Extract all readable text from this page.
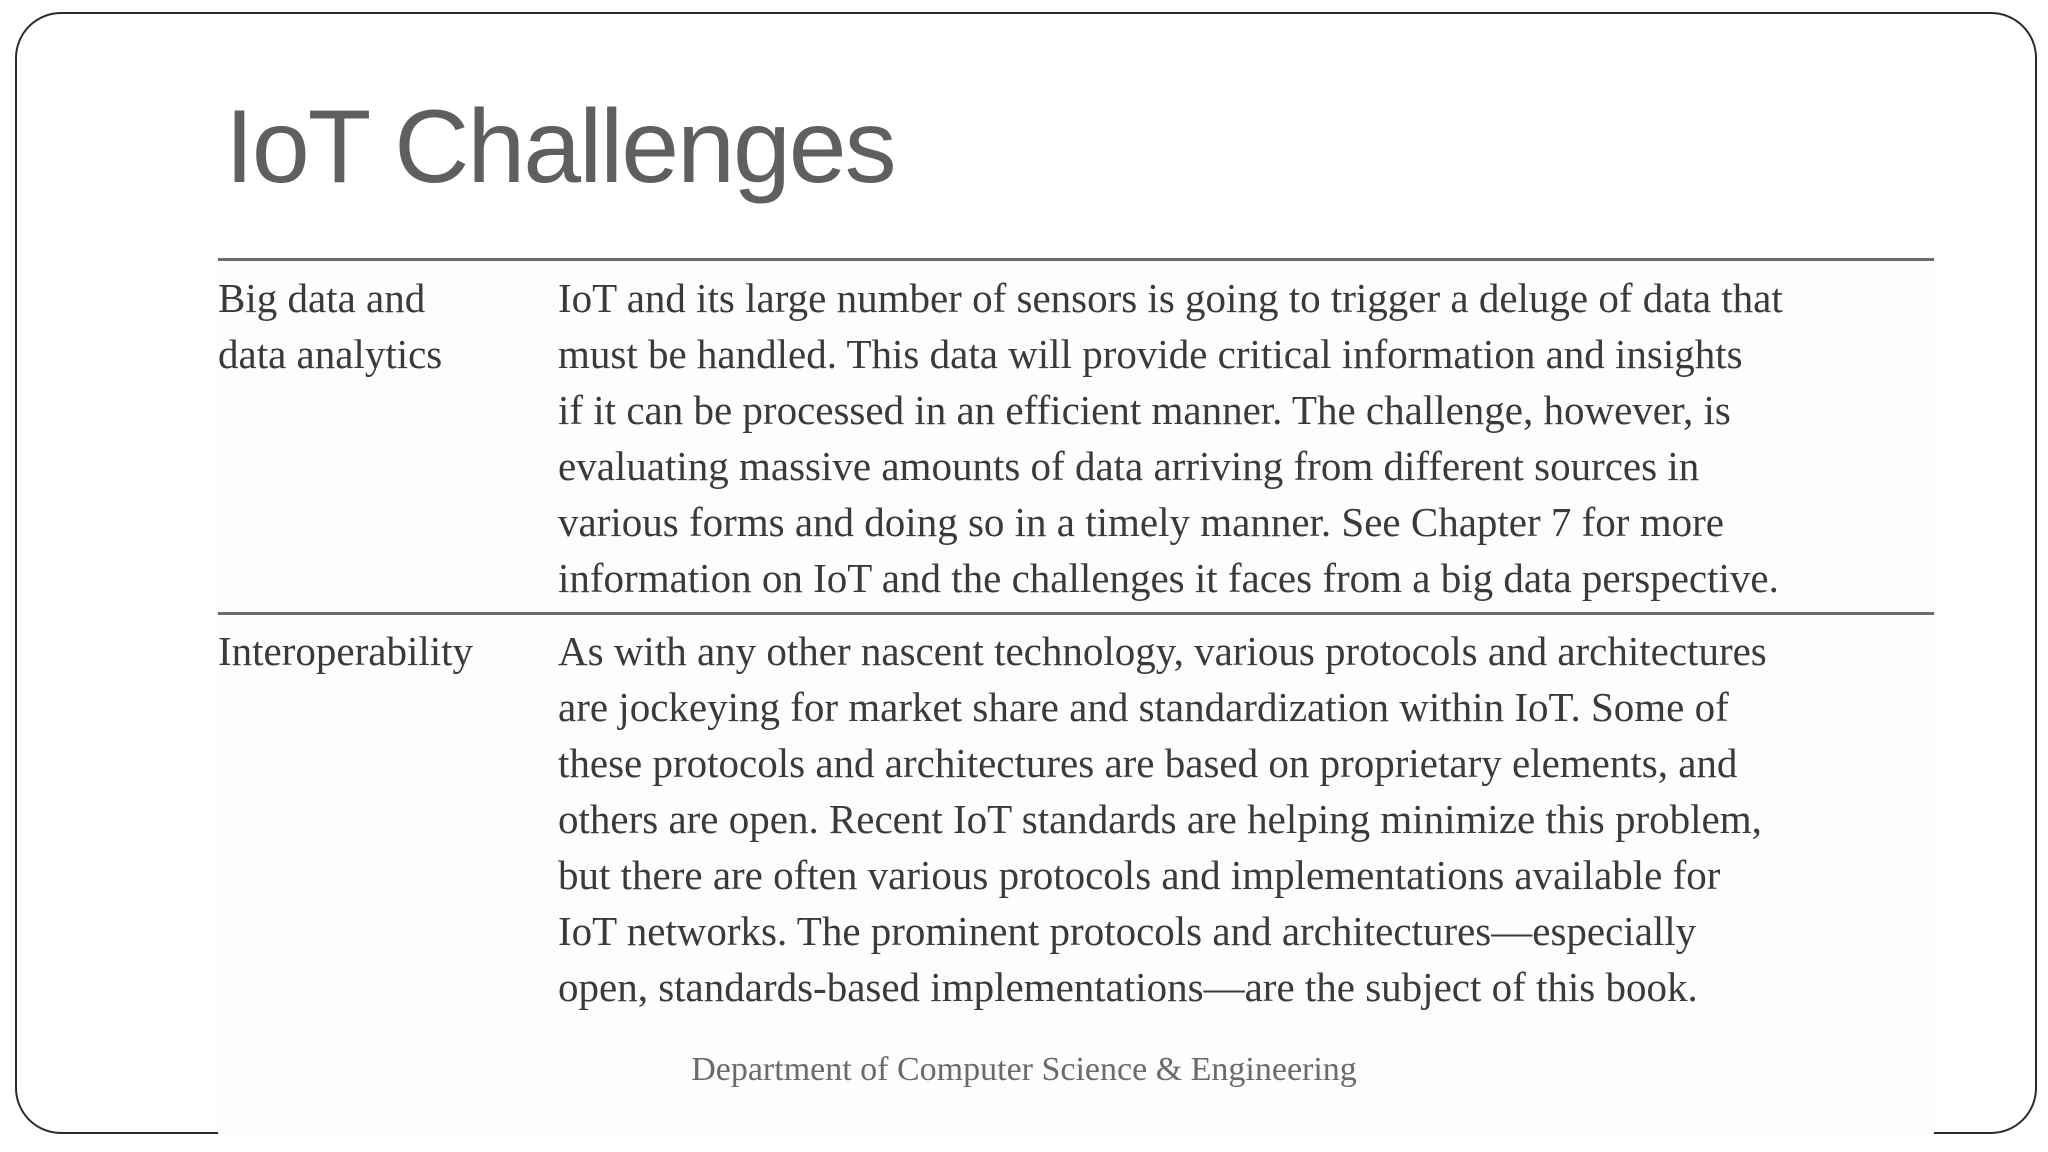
IoT Challenges

Big data and
data analytics

IoT and its large number of sensors is going to trigger a deluge of data that
must be handled. This data will provide critical information and insights
if it can be processed in an efficient manner. The challenge, however, is
evaluating massive amounts of data arriving from different sources in
various forms and doing so in a timely manner. See Chapter 7 for more
information on IoT and the challenges it faces from a big data perspective.

Interoperability	As with any other nascent technology, various protocols and architectures
are jockeying for market share and standardization within IoT. Some of
these protocols and architectures are based on proprietary elements, and
others are open. Recent IoT standards are helping minimize this problem,
but there are often various protocols and implementations available for
IoT networks. The prominent protocols and architectures—especially
open, standards-based implementations—are the subject of this book.

Department of Computer Science & Engineering
